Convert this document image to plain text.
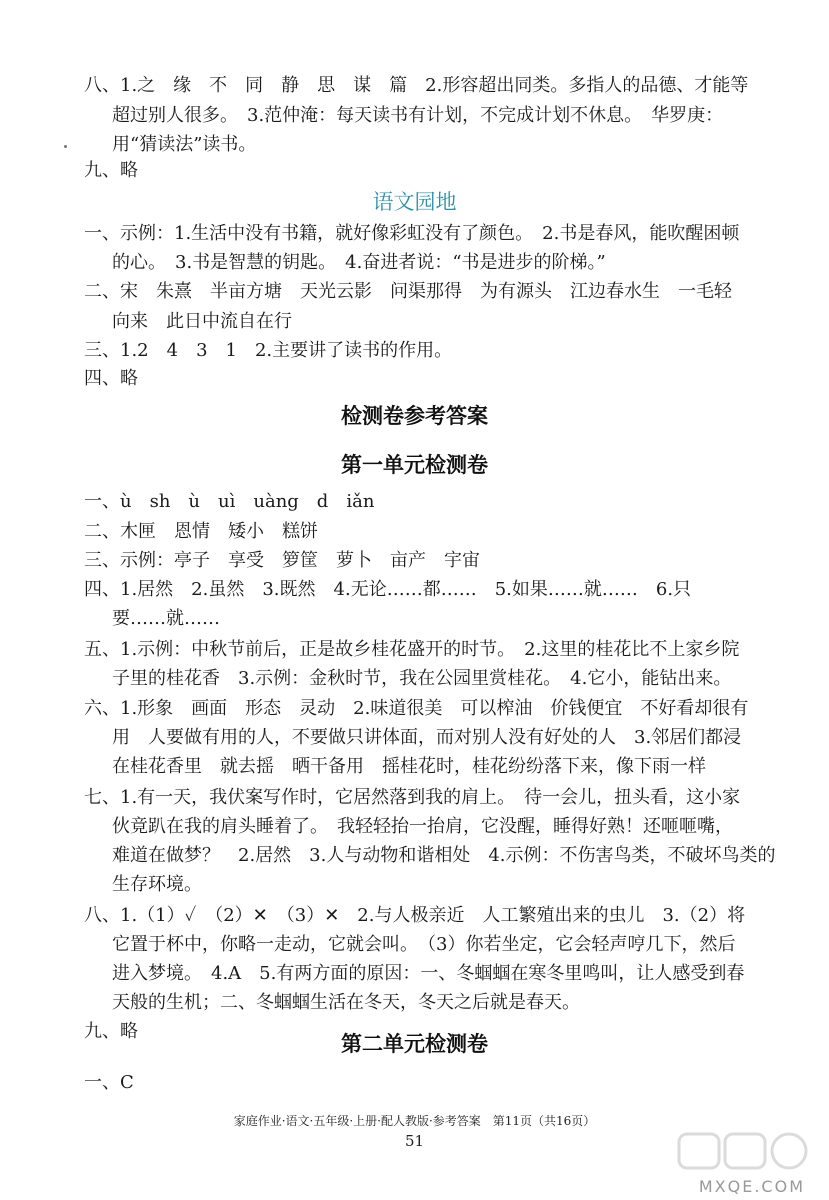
八、1.之　缘　不　同　静　思　谋　篇　2.形容超出同类。多指人的品德、才能等
超过别人很多。　3.范仲淹：每天读书有计划，不完成计划不休息。　华罗庚：
用“猜读法”读书。
九、略
语文园地
一、示例：1.生活中没有书籍，就好像彩虹没有了颜色。　2.书是春风，能吹醒困顿
的心。　3.书是智慧的钥匙。　4.奋进者说：“书是进步的阶梯。”
二、宋　朱熹　半亩方塘　天光云影　问渠那得　为有源头　江边春水生　一毛轻
向来　此日中流自在行
三、1.2　4　3　1　2.主要讲了读书的作用。
四、略
检测卷参考答案
第一单元检测卷
一、ù　sh　ù　uì　uàng　d　iǎn
二、木匣　恩情　矮小　糕饼
三、示例：亭子　享受　箩筐　萝卜　亩产　宇宙
四、1.居然　2.虽然　3.既然　4.无论……都……　5.如果……就……　6.只
要……就……
五、1.示例：中秋节前后，正是故乡桂花盛开的时节。　2.这里的桂花比不上家乡院
子里的桂花香　3.示例：金秋时节，我在公园里赏桂花。　4.它小，能钻出来。
六、1.形象　画面　形态　灵动　2.味道很美　可以榨油　价钱便宜　不好看却很有
用　人要做有用的人，不要做只讲体面，而对别人没有好处的人　3.邻居们都浸
在桂花香里　就去摇　晒干备用　摇桂花时，桂花纷纷落下来，像下雨一样
七、1.有一天，我伏案写作时，它居然落到我的肩上。　待一会儿，扭头看，这小家
伙竟趴在我的肩头睡着了。　我轻轻抬一抬肩，它没醒，睡得好熟！还咂咂嘴，
难道在做梦？　2.居然　3.人与动物和谐相处　4.示例：不伤害鸟类，不破坏鸟类的
生存环境。
八、1.（1）✓　（2）✕　（3）✕　2.与人极亲近　人工繁殖出来的虫儿　3.（2）将
它置于杯中，你略一走动，它就会叫。　（3）你若坐定，它会轻声哼几下，然后
进入梦境。　4.A　5.有两方面的原因：一、冬蝈蝈在寒冬里鸣叫，让人感受到春
天般的生机；二、冬蝈蝈生活在冬天，冬天之后就是春天。
九、略	第二单元检测卷
一、C
家庭作业·语文·五年级·上册·配人教版·参考答案　第11页（共16页）
51
MXQE.COM
